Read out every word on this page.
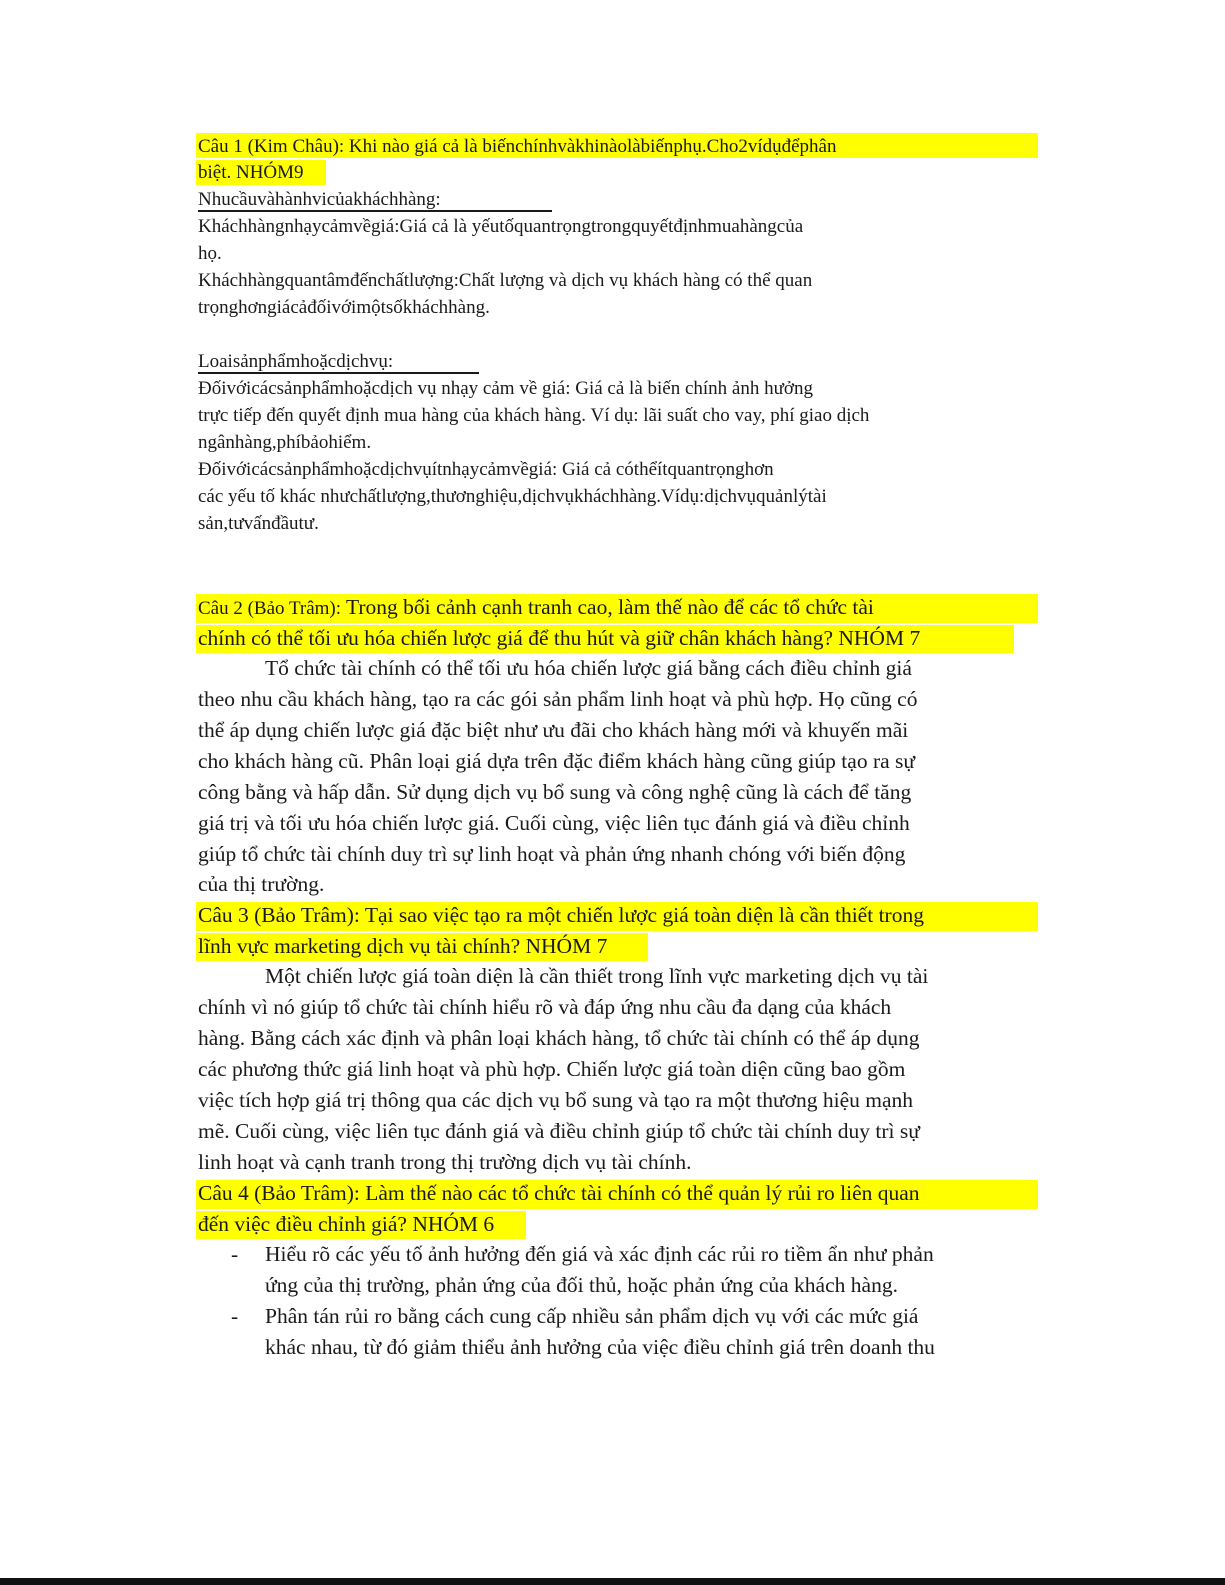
Câu 1 (Kim Châu): Khi nào giá cả là biếnchínhvàkhinàolàbiếnphụ.Cho2vídụđểphân
biệt. NHÓM9
Nhucầuvàhànhvicủakháchhàng:
Kháchhàngnhạycảmvềgiá:Giá cả là yếutốquantrọngtrongquyếtđịnhmuahàngcủa
họ.
Kháchhàngquantâmđếnchấtlượng:Chất lượng và dịch vụ khách hàng có thể quan
trọnghơngiácảđốivớimộtsốkháchhàng.
Loaisảnphẩmhoặcdịchvụ:
Đốivớicácsảnphẩmhoặcdịch vụ nhạy cảm về giá: Giá cả là biến chính ảnh hưởng
trực tiếp đến quyết định mua hàng của khách hàng. Ví dụ: lãi suất cho vay, phí giao dịch
ngânhàng,phíbảohiểm.
Đốivớicácsảnphẩmhoặcdịchvụítnhạycảmvềgiá: Giá cả cóthểítquantrọnghơn
các yếu tố khác nhưchấtlượng,thươnghiệu,dịchvụkháchhàng.Vídụ:dịchvụquảnlýtài
sản,tưvấnđầutư.
Câu 2 (Bảo Trâm): Trong bối cảnh cạnh tranh cao, làm thế nào để các tổ chức tài
chính có thể tối ưu hóa chiến lược giá để thu hút và giữ chân khách hàng? NHÓM 7
Tổ chức tài chính có thể tối ưu hóa chiến lược giá bằng cách điều chỉnh giá
theo nhu cầu khách hàng, tạo ra các gói sản phẩm linh hoạt và phù hợp. Họ cũng có
thể áp dụng chiến lược giá đặc biệt như ưu đãi cho khách hàng mới và khuyến mãi
cho khách hàng cũ. Phân loại giá dựa trên đặc điểm khách hàng cũng giúp tạo ra sự
công bằng và hấp dẫn. Sử dụng dịch vụ bổ sung và công nghệ cũng là cách để tăng
giá trị và tối ưu hóa chiến lược giá. Cuối cùng, việc liên tục đánh giá và điều chỉnh
giúp tổ chức tài chính duy trì sự linh hoạt và phản ứng nhanh chóng với biến động
của thị trường.
Câu 3 (Bảo Trâm): Tại sao việc tạo ra một chiến lược giá toàn diện là cần thiết trong
lĩnh vực marketing dịch vụ tài chính? NHÓM 7
Một chiến lược giá toàn diện là cần thiết trong lĩnh vực marketing dịch vụ tài
chính vì nó giúp tổ chức tài chính hiểu rõ và đáp ứng nhu cầu đa dạng của khách
hàng. Bằng cách xác định và phân loại khách hàng, tổ chức tài chính có thể áp dụng
các phương thức giá linh hoạt và phù hợp. Chiến lược giá toàn diện cũng bao gồm
việc tích hợp giá trị thông qua các dịch vụ bổ sung và tạo ra một thương hiệu mạnh
mẽ. Cuối cùng, việc liên tục đánh giá và điều chỉnh giúp tổ chức tài chính duy trì sự
linh hoạt và cạnh tranh trong thị trường dịch vụ tài chính.
Câu 4 (Bảo Trâm): Làm thế nào các tổ chức tài chính có thể quản lý rủi ro liên quan
đến việc điều chỉnh giá? NHÓM 6
- Hiểu rõ các yếu tố ảnh hưởng đến giá và xác định các rủi ro tiềm ẩn như phản
ứng của thị trường, phản ứng của đối thủ, hoặc phản ứng của khách hàng.
- Phân tán rủi ro bằng cách cung cấp nhiều sản phẩm dịch vụ với các mức giá
khác nhau, từ đó giảm thiểu ảnh hưởng của việc điều chỉnh giá trên doanh thu
